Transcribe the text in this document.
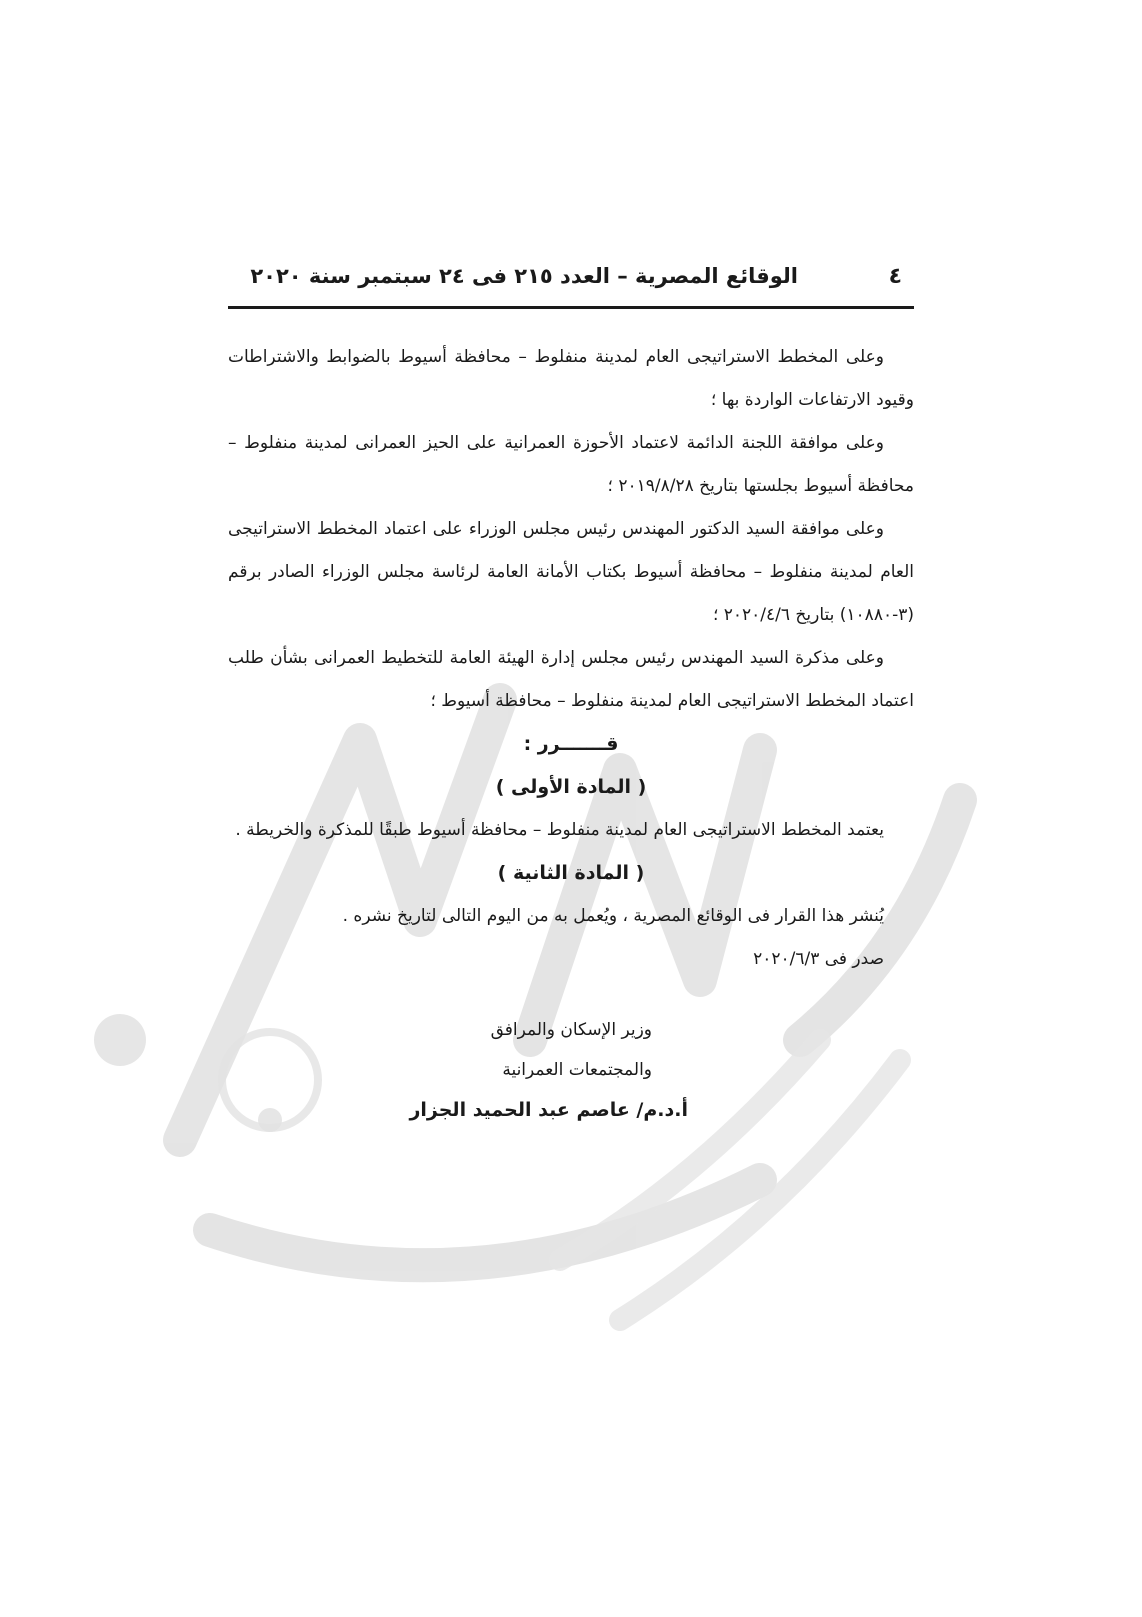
٤
الوقائع المصرية – العدد ٢١٥ فى ٢٤ سبتمبر سنة ٢٠٢٠

وعلى المخطط الاستراتيجى العام لمدينة منفلوط – محافظة أسيوط بالضوابط والاشتراطات وقيود الارتفاعات الواردة بها ؛

وعلى موافقة اللجنة الدائمة لاعتماد الأحوزة العمرانية على الحيز العمرانى لمدينة منفلوط – محافظة أسيوط بجلستها بتاريخ ٢٠١٩/٨/٢٨ ؛

وعلى موافقة السيد الدكتور المهندس رئيس مجلس الوزراء على اعتماد المخطط الاستراتيجى العام لمدينة منفلوط – محافظة أسيوط بكتاب الأمانة العامة لرئاسة مجلس الوزراء الصادر برقم (٣-١٠٨٨٠) بتاريخ ٢٠٢٠/٤/٦ ؛

وعلى مذكرة السيد المهندس رئيس مجلس إدارة الهيئة العامة للتخطيط العمرانى بشأن طلب اعتماد المخطط الاستراتيجى العام لمدينة منفلوط – محافظة أسيوط ؛

قـــــــرر :

( المادة الأولى )

يعتمد المخطط الاستراتيجى العام لمدينة منفلوط – محافظة أسيوط طبقًا للمذكرة والخريطة .

( المادة الثانية )

يُنشر هذا القرار فى الوقائع المصرية ، ويُعمل به من اليوم التالى لتاريخ نشره .

صدر فى ٢٠٢٠/٦/٣

وزير الإسكان والمرافق

والمجتمعات العمرانية

أ.د.م/ عاصم عبد الحميد الجزار
